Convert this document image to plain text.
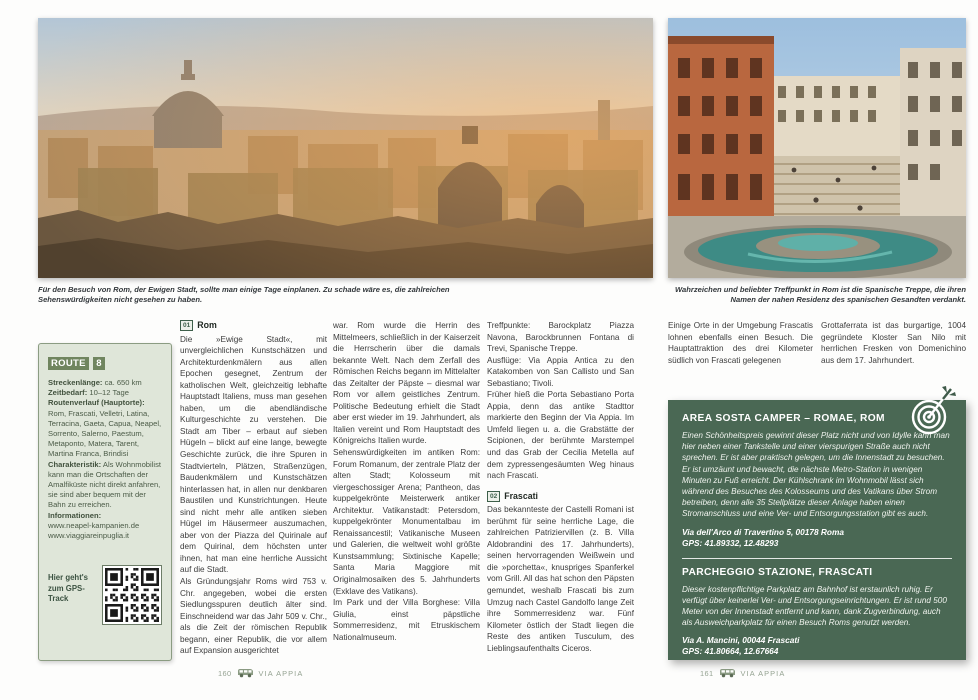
Für den Besuch von Rom, der Ewigen Stadt, sollte man einige Tage einplanen. Zu schade wäre es, die zahlreichen Sehenswürdigkeiten nicht gesehen zu haben.
Wahrzeichen und beliebter Treffpunkt in Rom ist die Spanische Treppe, die ihren Namen der nahen Residenz des spanischen Gesandten verdankt.
ROUTE 8
Streckenlänge: ca. 650 km
Zeitbedarf: 10–12 Tage
Routenverlauf (Hauptorte): Rom, Frascati, Velletri, Latina, Terracina, Gaeta, Capua, Neapel, Sorrento, Salerno, Paestum, Metaponto, Matera, Tarent, Martina Franca, Brindisi
Charakteristik: Als Wohnmobilist kann man die Ortschaften der Amalfiküste nicht direkt anfahren, sie sind aber bequem mit der Bahn zu erreichen.
Informationen:
www.neapel-kampanien.de
www.viaggiareinpuglia.it
Hier geht's zum GPS-Track
01 Rom

Die »Ewige Stadt«, mit unvergleichlichen Kunstschätzen und Architekturdenkmälern aus allen Epochen gesegnet, Zentrum der katholischen Welt, gleichzeitig lebhafte Hauptstadt Italiens, muss man gesehen haben, um die abendländische Kulturgeschichte zu verstehen. Die Stadt am Tiber – erbaut auf sieben Hügeln – blickt auf eine lange, bewegte Geschichte zurück, die ihre Spuren in Stadtvierteln, Plätzen, Straßenzügen, Baudenkmälern und Kunstschätzen hinterlassen hat, in allen nur denkbaren Baustilen und Kunstrichtungen. Heute sind nicht mehr alle antiken sieben Hügel im Häusermeer auszumachen, aber von der Piazza del Quirinale auf dem Quirinal, dem höchsten unter ihnen, hat man eine herrliche Aussicht auf die Stadt.

Als Gründungsjahr Roms wird 753 v. Chr. angegeben, wobei die ersten Siedlungsspuren deutlich älter sind. Einschneidend war das Jahr 509 v. Chr., als die Zeit der römischen Republik begann, einer Republik, die vor allem auf Expansion ausgerichtet

war. Rom wurde die Herrin des Mittelmeers, schließlich in der Kaiserzeit die Herrscherin über die damals bekannte Welt. Nach dem Zerfall des Römischen Reichs begann im Mittelalter das Zeitalter der Päpste – diesmal war Rom vor allem geistliches Zentrum. Politische Bedeutung erhielt die Stadt aber erst wieder im 19. Jahrhundert, als Italien vereint und Rom Hauptstadt des Königreichs Italien wurde.

Sehenswürdigkeiten im antiken Rom: Forum Romanum, der zentrale Platz der alten Stadt; Kolosseum mit viergeschossiger Arena; Pantheon, das kuppelgekrönte Meisterwerk antiker Architektur. Vatikanstadt: Petersdom, kuppelgekrönter Monumentalbau im Renaissancestil; Vatikanische Museen und Galerien, die weltweit wohl größte Kunstsammlung; Sixtinische Kapelle; Santa Maria Maggiore mit Originalmosaiken des 5. Jahrhunderts (Exklave des Vatikans).

Im Park und der Villa Borghese: Villa Giulia, einst päpstliche Sommerresidenz, mit Etruskischem Nationalmuseum.

Treffpunkte: Barockplatz Piazza Navona, Barockbrunnen Fontana di Trevi, Spanische Treppe.

Ausflüge: Via Appia Antica zu den Katakomben von San Callisto und San Sebastiano; Tivoli.

Früher hieß die Porta Sebastiano Porta Appia, denn das antike Stadttor markierte den Beginn der Via Appia. Im Umfeld liegen u. a. die Grabstätte der Scipionen, der berühmte Marstempel und das Grab der Cecilia Metella auf dem zypressengesäumten Weg hinaus nach Frascati.

02 Frascati

Das bekannteste der Castelli Romani ist berühmt für seine herrliche Lage, die zahlreichen Patriziervillen (z. B. Villa Aldobrandini des 17. Jahrhunderts), seinen hervorragenden Weißwein und die »porchetta«, knuspriges Spanferkel vom Grill. All das hat schon den Päpsten gemundet, weshalb Frascati bis zum Umzug nach Castel Gandolfo lange Zeit ihre Sommerresidenz war. Fünf Kilometer östlich der Stadt liegen die Reste des antiken Tusculum, des Lieblingsaufenthalts Ciceros.

Einige Orte in der Umgebung Frascatis lohnen ebenfalls einen Besuch. Die Hauptattraktion des drei Kilometer südlich von Frascati gelegenen

Grottaferrata ist das burgartige, 1004 gegründete Kloster San Nilo mit herrlichen Fresken von Domenichino aus dem 17. Jahrhundert.

AREA SOSTA CAMPER – ROMAE, ROM

Einen Schönheitspreis gewinnt dieser Platz nicht und von Idylle kann man hier neben einer Tankstelle und einer vierspurigen Straße auch nicht sprechen. Er ist aber praktisch gelegen, um die Innenstadt zu besuchen. Er ist umzäunt und bewacht, die nächste Metro-Station in wenigen Minuten zu Fuß erreicht. Der Kühlschrank im Wohnmobil lässt sich während des Besuches des Kolosseums und des Vatikans über Strom betreiben, denn alle 35 Stellplätze dieser Anlage haben einen Stromanschluss und eine Ver- und Entsorgungsstation gibt es auch.

Via dell'Arco di Travertino 5, 00178 Roma

GPS: 41.89332, 12.48293

PARCHEGGIO STAZIONE, FRASCATI

Dieser kostenpflichtige Parkplatz am Bahnhof ist erstaunlich ruhig. Er verfügt über keinerlei Ver- und Entsorgungseinrichtungen. Er ist rund 500 Meter von der Innenstadt entfernt und kann, dank Zugverbindung, auch als Ausweichparkplatz für einen Besuch Roms genutzt werden.

Via A. Mancini, 00044 Frascati

GPS: 41.80664, 12.67664

160	VIA APPIA	161	VIA APPIA
